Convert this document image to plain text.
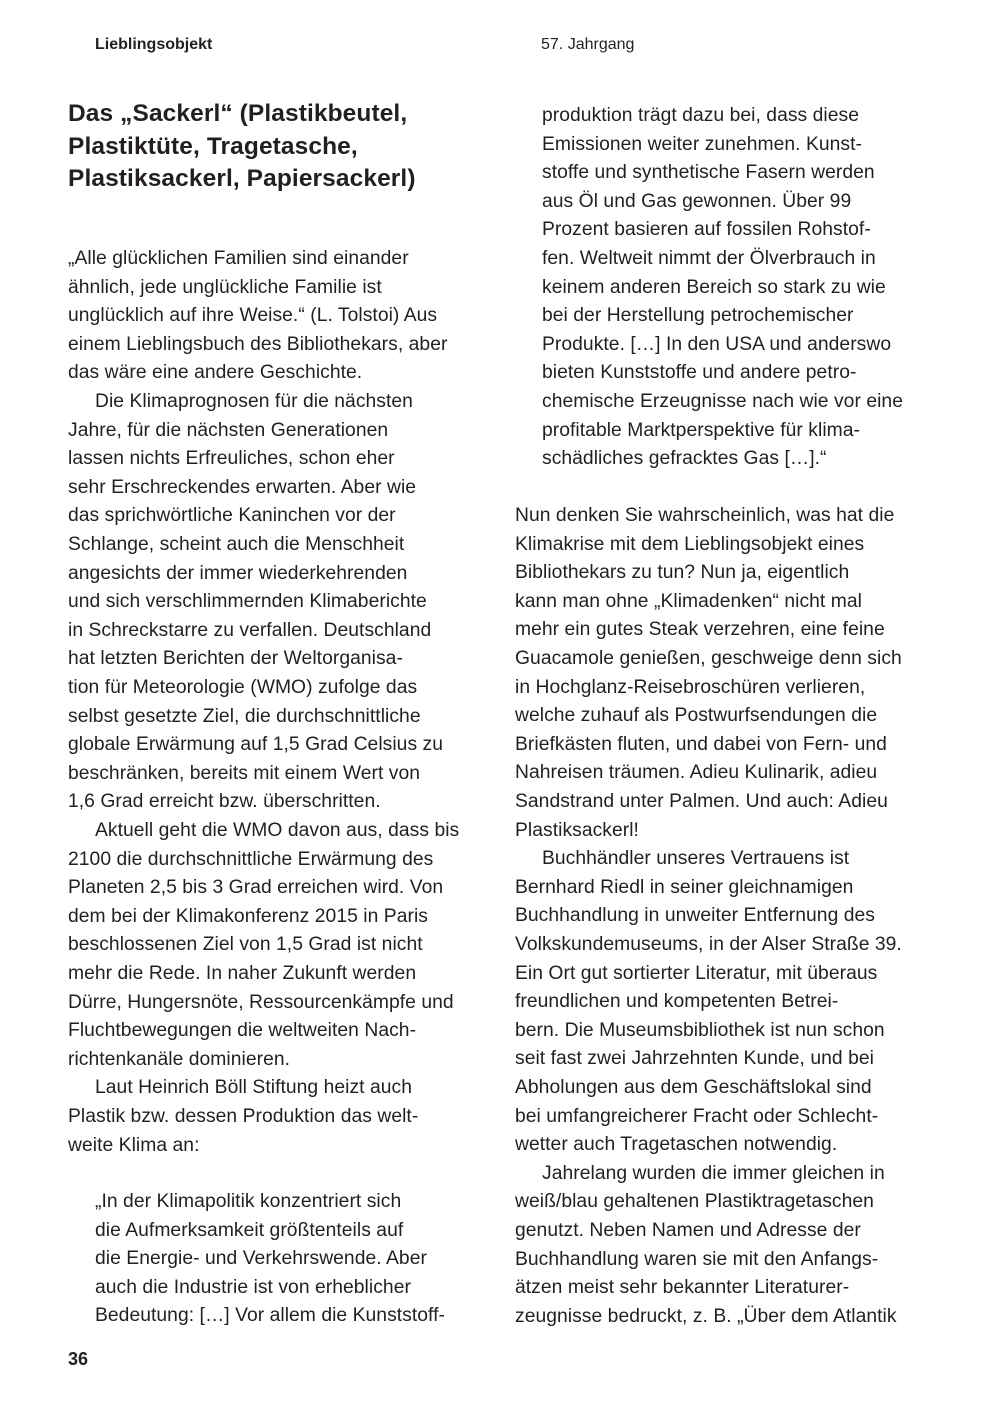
Lieblingsobjekt	57. Jahrgang
Das „Sackerl“ (Plastikbeutel,
Plastiktüte, Tragetasche,
Plastiksackerl, Papiersackerl)
„Alle glücklichen Familien sind einander
ähnlich, jede unglückliche Familie ist
unglücklich auf ihre Weise.“ (L. Tolstoi) Aus
einem Lieblingsbuch des Bibliothekars, aber
das wäre eine andere Geschichte.
Die Klimaprognosen für die nächsten
Jahre, für die nächsten Generationen
lassen nichts Erfreuliches, schon eher
sehr Erschreckendes erwarten. Aber wie
das sprichwörtliche Kaninchen vor der
Schlange, scheint auch die Menschheit
angesichts der immer wiederkehrenden
und sich verschlimmernden Klimaberichte
in Schreckstarre zu verfallen. Deutschland
hat letzten Berichten der Weltorganisa-
tion für Meteorologie (WMO) zufolge das
selbst gesetzte Ziel, die durchschnittliche
globale Erwärmung auf 1,5 Grad Celsius zu
beschränken, bereits mit einem Wert von
1,6 Grad erreicht bzw. überschritten.
Aktuell geht die WMO davon aus, dass bis
2100 die durchschnittliche Erwärmung des
Planeten 2,5 bis 3 Grad erreichen wird. Von
dem bei der Klimakonferenz 2015 in Paris
beschlossenen Ziel von 1,5 Grad ist nicht
mehr die Rede. In naher Zukunft werden
Dürre, Hungersnöte, Ressourcenkämpfe und
Fluchtbewegungen die weltweiten Nach-
richtenkanäle dominieren.
Laut Heinrich Böll Stiftung heizt auch
Plastik bzw. dessen Produktion das welt-
weite Klima an:
„In der Klimapolitik konzentriert sich
die Aufmerksamkeit größtenteils auf
die Energie- und Verkehrswende. Aber
auch die Industrie ist von erheblicher
Bedeutung: […] Vor allem die Kunststoff-
produktion trägt dazu bei, dass diese
Emissionen weiter zunehmen. Kunst-
stoffe und synthetische Fasern werden
aus Öl und Gas gewonnen. Über 99
Prozent basieren auf fossilen Rohstof-
fen. Weltweit nimmt der Ölverbrauch in
keinem anderen Bereich so stark zu wie
bei der Herstellung petrochemischer
Produkte. […] In den USA und anderswo
bieten Kunststoffe und andere petro-
chemische Erzeugnisse nach wie vor eine
profitable Marktperspektive für klima-
schädliches gefracktes Gas […].“
Nun denken Sie wahrscheinlich, was hat die
Klimakrise mit dem Lieblingsobjekt eines
Bibliothekars zu tun? Nun ja, eigentlich
kann man ohne „Klimadenken“ nicht mal
mehr ein gutes Steak verzehren, eine feine
Guacamole genießen, geschweige denn sich
in Hochglanz-Reisebroschüren verlieren,
welche zuhauf als Postwurfsendungen die
Briefkästen fluten, und dabei von Fern- und
Nahreisen träumen. Adieu Kulinarik, adieu
Sandstrand unter Palmen. Und auch: Adieu
Plastiksackerl!
Buchhändler unseres Vertrauens ist
Bernhard Riedl in seiner gleichnamigen
Buchhandlung in unweiter Entfernung des
Volkskundemuseums, in der Alser Straße 39.
Ein Ort gut sortierter Literatur, mit überaus
freundlichen und kompetenten Betrei-
bern. Die Museumsbibliothek ist nun schon
seit fast zwei Jahrzehnten Kunde, und bei
Abholungen aus dem Geschäftslokal sind
bei umfangreicherer Fracht oder Schlecht-
wetter auch Tragetaschen notwendig.
Jahrelang wurden die immer gleichen in
weiß/blau gehaltenen Plastiktragetaschen
genutzt. Neben Namen und Adresse der
Buchhandlung waren sie mit den Anfangs-
ätzen meist sehr bekannter Literaturer-
zeugnisse bedruckt, z. B. „Über dem Atlantik
36
